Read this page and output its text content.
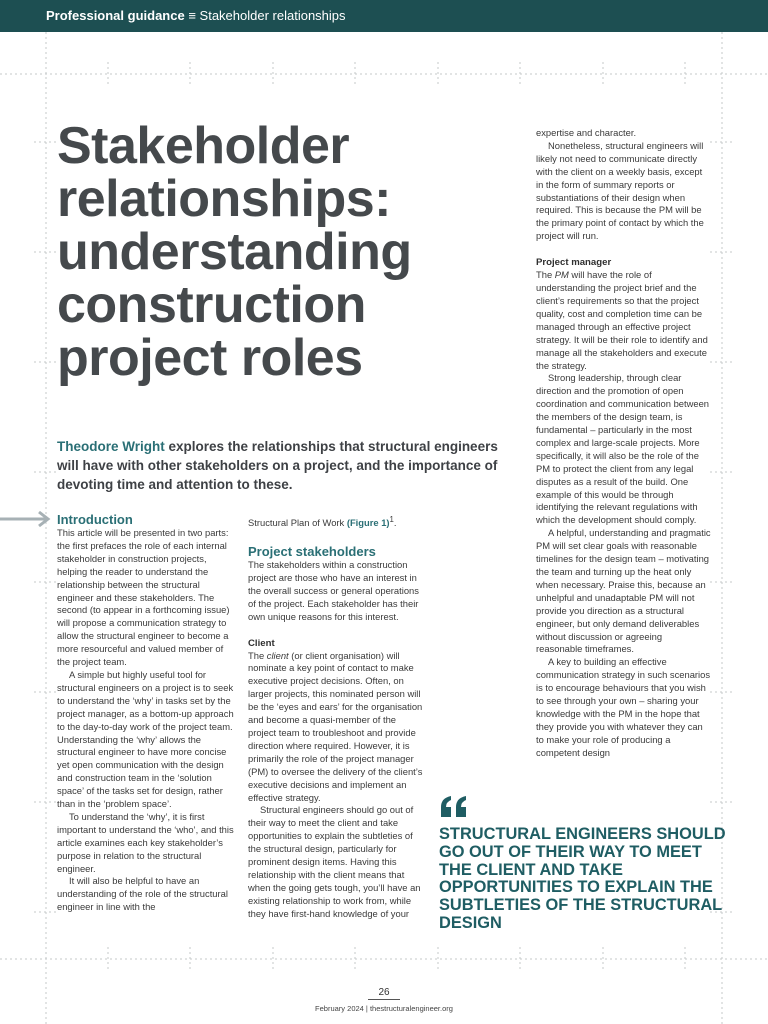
Professional guidance ≡ Stakeholder relationships
Stakeholder relationships: understanding construction project roles

Theodore Wright explores the relationships that structural engineers will have with other stakeholders on a project, and the importance of devoting time and attention to these.

Introduction

This article will be presented in two parts: the first prefaces the role of each internal stakeholder in construction projects, helping the reader to understand the relationship between the structural engineer and these stakeholders. The second (to appear in a forthcoming issue) will propose a communication strategy to allow the structural engineer to become a more resourceful and valued member of the project team.

A simple but highly useful tool for structural engineers on a project is to seek to understand the ‘why’ in tasks set by the project manager, as a bottom-up approach to the day-to-day work of the project team. Understanding the ‘why’ allows the structural engineer to have more concise yet open communication with the design and construction team in the ‘solution space’ of the tasks set for design, rather than in the ‘problem space’.

To understand the ‘why’, it is first important to understand the ‘who’, and this article examines each key stakeholder’s purpose in relation to the structural engineer.

It will also be helpful to have an understanding of the role of the structural engineer in line with the

Structural Plan of Work (Figure 1)$^1$.

Project stakeholders

The stakeholders within a construction project are those who have an interest in the overall success or general operations of the project. Each stakeholder has their own unique reasons for this interest.

Client

The client (or client organisation) will nominate a key point of contact to make executive project decisions. Often, on larger projects, this nominated person will be the ‘eyes and ears’ for the organisation and become a quasi-member of the project team to troubleshoot and provide direction where required. However, it is primarily the role of the project manager (PM) to oversee the delivery of the client’s executive decisions and implement an effective strategy.

Structural engineers should go out of their way to meet the client and take opportunities to explain the subtleties of the structural design, particularly for prominent design items. Having this relationship with the client means that when the going gets tough, you’ll have an existing relationship to work from, while they have first-hand knowledge of your

expertise and character.

Nonetheless, structural engineers will likely not need to communicate directly with the client on a weekly basis, except in the form of summary reports or substantiations of their design when required. This is because the PM will be the primary point of contact by which the project will run.

Project manager

The PM will have the role of understanding the project brief and the client’s requirements so that the project quality, cost and completion time can be managed through an effective project strategy. It will be their role to identify and manage all the stakeholders and execute the strategy.

Strong leadership, through clear direction and the promotion of open coordination and communication between the members of the design team, is fundamental – particularly in the most complex and large-scale projects. More specifically, it will also be the role of the PM to protect the client from any legal disputes as a result of the build. One example of this would be through identifying the relevant regulations with which the development should comply.

A helpful, understanding and pragmatic PM will set clear goals with reasonable timelines for the design team – motivating the team and turning up the heat only when necessary. Praise this, because an unhelpful and unadaptable PM will not provide you direction as a structural engineer, but only demand deliverables without discussion or agreeing reasonable timeframes.

A key to building an effective communication strategy in such scenarios is to encourage behaviours that you wish to see through your own – sharing your knowledge with the PM in the hope that they provide you with whatever they can to make your role of producing a competent design

STRUCTURAL ENGINEERS SHOULD GO OUT OF THEIR WAY TO MEET THE CLIENT AND TAKE OPPORTUNITIES TO EXPLAIN THE SUBTLETIES OF THE STRUCTURAL DESIGN

26
February 2024 | thestructuralengineer.org
